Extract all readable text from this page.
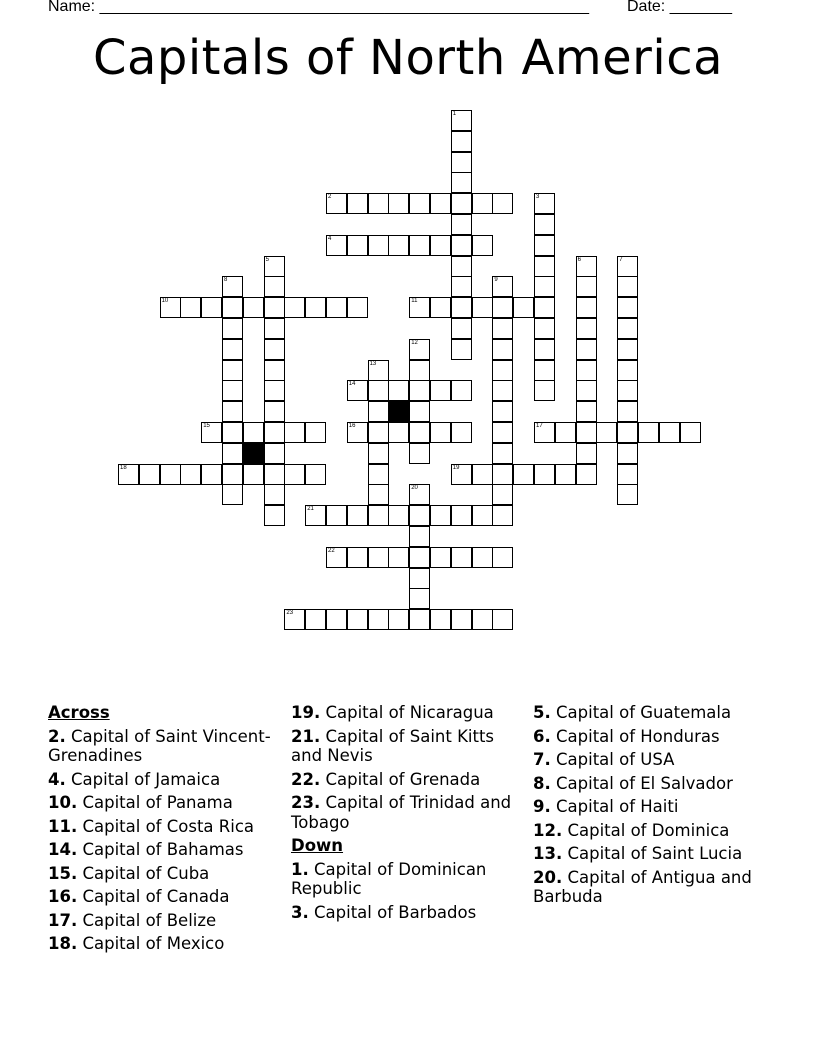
Name: _______________________________________________________ Date: _______
Capitals of North America
1
2	3
4
5	6	7
8	9
10	11
12
13
14
15	16	17
18	19
20
21
22
23
Across
2. Capital of Saint Vincent-Grenadines
4. Capital of Jamaica
10. Capital of Panama
11. Capital of Costa Rica
14. Capital of Bahamas
15. Capital of Cuba
16. Capital of Canada
17. Capital of Belize
18. Capital of Mexico
19. Capital of Nicaragua
21. Capital of Saint Kitts and Nevis
22. Capital of Grenada
23. Capital of Trinidad and Tobago
Down
1. Capital of Dominican Republic
3. Capital of Barbados
5. Capital of Guatemala
6. Capital of Honduras
7. Capital of USA
8. Capital of El Salvador
9. Capital of Haiti
12. Capital of Dominica
13. Capital of Saint Lucia
20. Capital of Antigua and Barbuda
